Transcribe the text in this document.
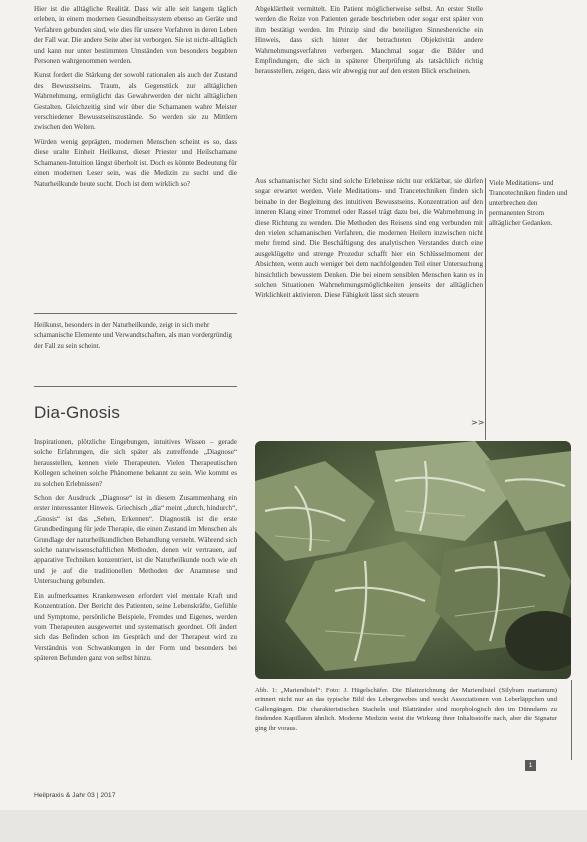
Hier ist die alltägliche Realität. Dass wir alle seit langem täglich erleben, in einem modernen Gesundheitssystem ebenso an Geräte und Verfahren gebunden sind, wie dies für unsere Vorfahren in deren Leben der Fall war. Die andere Seite aber ist verborgen. Sie ist nicht-alltäglich und kann nur unter bestimmten Umständen von besonders begabten Personen wahrgenommen werden.

Kunst fordert die Stärkung der sowohl rationalen als auch der Zustand des Bewusstseins. Traum, als Gegenstück zur alltäglichen Wahrnehmung, ermöglicht das Gewahrwerden der nicht alltäglichen Gestalten. Gleichzeitig sind wir über die Schamanen wahre Meister verschiedener Bewusstseinszustände. So werden sie zu Mittlern zwischen den Welten.

Würden wenig geprägten, modernen Menschen scheint es so, dass diese uralte Einheit Heilkunst, dieser Priester und Heilschamane Schamanen-Intuition längst überholt ist. Doch es könnte Bedeutung für einen modernen Leser sein, was die Medizin zu sucht und die Naturheilkunde heute sucht. Doch ist dem wirklich so?

Heilkunst, besonders in der Naturheilkunde, zeigt in sich mehr schamanische Elemente und Verwandtschaften, als man vordergründig der Fall zu sein scheint.
Dia-Gnosis

Inspirationen, plötzliche Eingebungen, intuitives Wissen – gerade solche Erfahrungen, die sich später als zutreffende „Diagnose“ herausstellen, kennen viele Therapeuten. Vielen Therapeutischen Kollegen scheinen solche Phänomene bekannt zu sein. Wie kommt es zu solchen Erlebnissen?

Schon der Ausdruck „Diagnose“ ist in diesem Zusammenhang ein erster interessanter Hinweis. Griechisch „dia“ meint „durch, hindurch“, „Gnosis“ ist das „Sehen, Erkennen“. Diagnostik ist die erste Grundbedingung für jede Therapie, die einen Zustand im Menschen als Grundlage der naturheilkundlichen Behandlung versteht. Während sich solche naturwissenschaftlichen Methoden, denen wir vertrauen, auf apparative Techniken konzentriert, ist die Naturheilkunde noch wie eh und je auf die traditionellen Methoden der Anamnese und Untersuchung gebunden.

Ein aufmerksames Krankenwesen erfordert viel mentale Kraft und Konzentration. Der Bericht des Patienten, seine Lebenskräfte, Gefühle und Symptome, persönliche Beispiele, Fremdes und Eigenes, werden vom Therapeuten ausgewertet und systematisch geordnet. Oft ändert sich das Befinden schon im Gespräch und der Therapeut wird zu Verständnis von Schwankungen in der Form und besonders bei späteren Befunden ganz von selbst hinzu.

Abgeklärtheit vermittelt. Ein Patient möglicherweise selbst. An erster Stelle werden die Reize von Patienten gerade beschrieben oder sogar erst später von ihm bestätigt werden. Im Prinzip sind die beteiligten Sinnesbereiche ein Hinweis, dass sich hinter der betrachteten Objektivität andere Wahrnehmungsverfahren verbergen. Manchmal sogar die Bilder und Empfindungen, die sich in späterer Überprüfung als tatsächlich richtig herausstellen, zeigen, dass wir abwegig nur auf den ersten Blick erscheinen.

Aus schamanischer Sicht sind solche Erlebnisse nicht nur erklärbar, sie dürfen sogar erwartet werden. Viele Meditations- und Trancetechniken finden sich beinahe in der Begleitung des intuitiven Bewusstseins. Konzentration auf den inneren Klang einer Trommel oder Rassel trägt dazu bei, die Wahrnehmung in diese Richtung zu wenden. Die Methoden des Reisens sind eng verbunden mit den vielen schamanischen Verfahren, die modernen Heilern inzwischen nicht mehr fremd sind. Die Beschäftigung des analytischen Verstandes durch eine ausgeklügelte und strenge Prozedur schafft hier ein Schlüsselmoment der Absichten, wenn auch weniger bei dem nachfolgenden Teil einer Untersuchung hinsichtlich bewusstem Denken. Die bei einem sensiblen Menschen kann es in solchen Situationen Wahrnehmungsmöglichkeiten jenseits der alltäglichen Wirklichkeit aktivieren. Diese Fähigkeit lässt sich steuern

>>
Viele Meditations- und Trancetechniken finden und unterbrechen den permanenten Strom alltäglicher Gedanken.
Abb. 1: „Mariendistel“: Foto: J. Hügelschäfer. Die Blattzeichnung der Mariendistel (Silybum marianum) erinnert nicht nur an das typische Bild des Lebergewebes und weckt Assoziationen von Leberläppchen und Gallengängen. Die charakteristischen Stacheln und Blattränder sind morphologisch den im Dünndarm zu findenden Kapillaren ähnlich. Moderne Medizin weist die Wirkung ihrer Inhaltsstoffe nach, aber die Signatur ging ihr voraus.
1
Heilpraxis & Jahr 03 | 2017
